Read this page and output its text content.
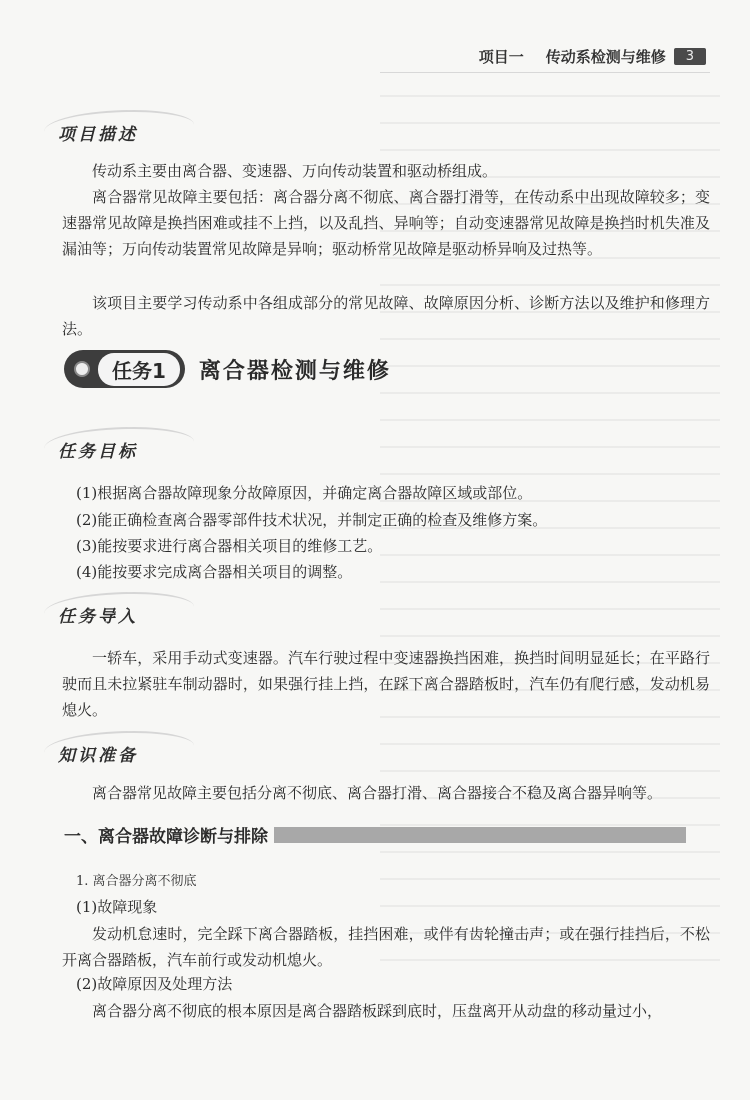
项目一 传动系检测与维修	3
项目描述
传动系主要由离合器、变速器、万向传动装置和驱动桥组成。
离合器常见故障主要包括：离合器分离不彻底、离合器打滑等，在传动系中出现故障较多；变速器常见故障是换挡困难或挂不上挡，以及乱挡、异响等；自动变速器常见故障是换挡时机失准及漏油等；万向传动装置常见故障是异响；驱动桥常见故障是驱动桥异响及过热等。
该项目主要学习传动系中各组成部分的常见故障、故障原因分析、诊断方法以及维护和修理方法。
任务1	离合器检测与维修
任务目标
(1)根据离合器故障现象分故障原因，并确定离合器故障区域或部位。
(2)能正确检查离合器零部件技术状况，并制定正确的检查及维修方案。
(3)能按要求进行离合器相关项目的维修工艺。
(4)能按要求完成离合器相关项目的调整。
任务导入
一轿车，采用手动式变速器。汽车行驶过程中变速器换挡困难，换挡时间明显延长；在平路行驶而且未拉紧驻车制动器时，如果强行挂上挡，在踩下离合器踏板时，汽车仍有爬行感，发动机易熄火。
知识准备
离合器常见故障主要包括分离不彻底、离合器打滑、离合器接合不稳及离合器异响等。
一、离合器故障诊断与排除
1. 离合器分离不彻底
(1)故障现象
发动机怠速时，完全踩下离合器踏板，挂挡困难，或伴有齿轮撞击声；或在强行挂挡后，不松开离合器踏板，汽车前行或发动机熄火。
(2)故障原因及处理方法
离合器分离不彻底的根本原因是离合器踏板踩到底时，压盘离开从动盘的移动量过小，
